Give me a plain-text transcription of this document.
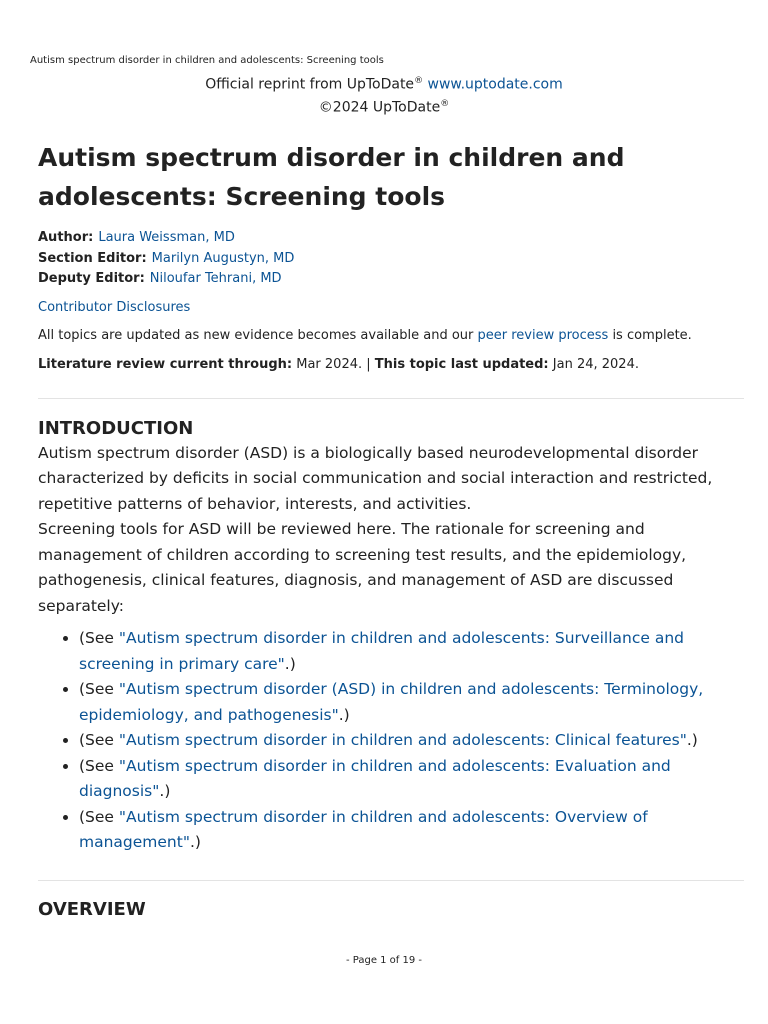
Autism spectrum disorder in children and adolescents: Screening tools
Official reprint from UpToDate® www.uptodate.com
©2024 UpToDate®
Autism spectrum disorder in children and adolescents: Screening tools
Author: Laura Weissman, MD
Section Editor: Marilyn Augustyn, MD
Deputy Editor: Niloufar Tehrani, MD
Contributor Disclosures
All topics are updated as new evidence becomes available and our peer review process is complete.
Literature review current through: Mar 2024. | This topic last updated: Jan 24, 2024.
INTRODUCTION

Autism spectrum disorder (ASD) is a biologically based neurodevelopmental disorder characterized by deficits in social communication and social interaction and restricted, repetitive patterns of behavior, interests, and activities.

Screening tools for ASD will be reviewed here. The rationale for screening and management of children according to screening test results, and the epidemiology, pathogenesis, clinical features, diagnosis, and management of ASD are discussed separately:

• (See "Autism spectrum disorder in children and adolescents: Surveillance and screening in primary care".)
• (See "Autism spectrum disorder (ASD) in children and adolescents: Terminology, epidemiology, and pathogenesis".)
• (See "Autism spectrum disorder in children and adolescents: Clinical features".)
• (See "Autism spectrum disorder in children and adolescents: Evaluation and diagnosis".)
• (See "Autism spectrum disorder in children and adolescents: Overview of management".)
OVERVIEW
- Page 1 of 19 -
